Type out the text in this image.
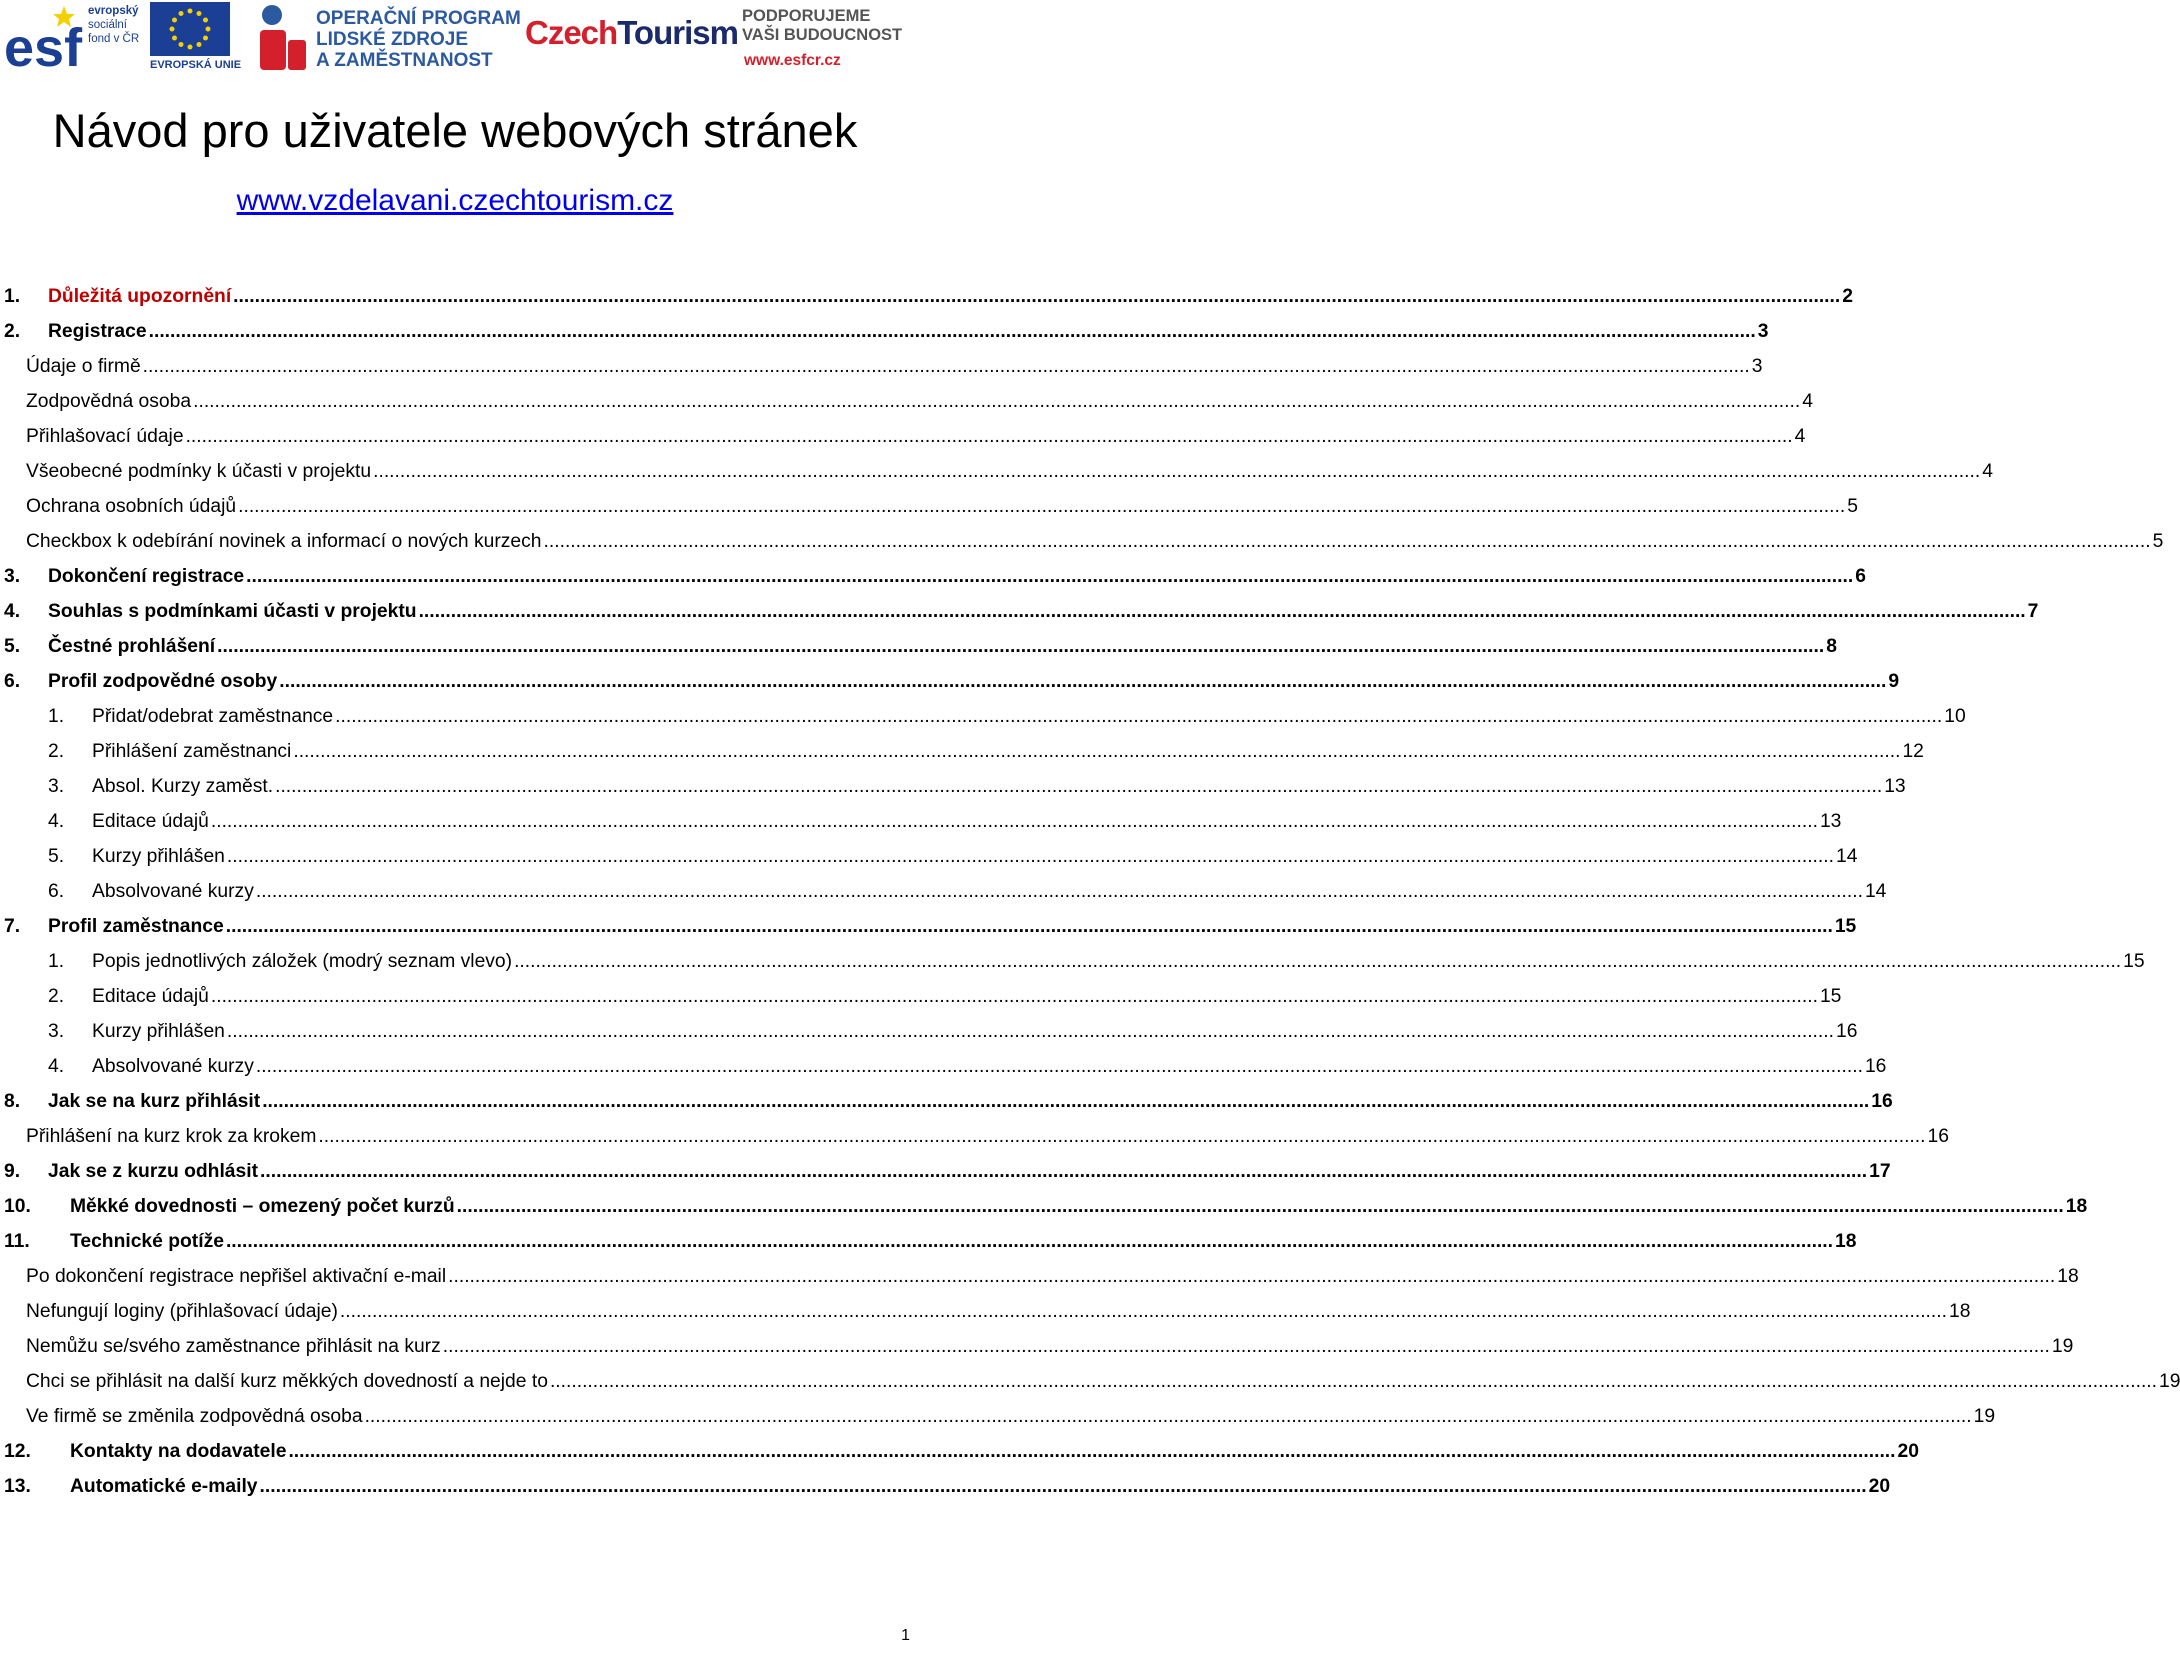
esf
evropský
sociální
fond v ČR
EVROPSKÁ UNIE
OPERAČNÍ PROGRAM
LIDSKÉ ZDROJE
A ZAMĚSTNANOST
CzechTourism PODPORUJEME
VAŠI BUDOUCNOST
www.esfcr.cz
Návod pro uživatele webových stránek
www.vzdelavani.czechtourism.cz
1.	Důležitá upozornění ............................................................................................................................................................................................................................................................................................................ 2
2.	Registrace ............................................................................................................................................................................................................................................................................................................ 3
Údaje o firmě ............................................................................................................................................................................................................................................................................................................ 3
Zodpovědná osoba ............................................................................................................................................................................................................................................................................................................ 4
Přihlašovací údaje ............................................................................................................................................................................................................................................................................................................ 4
Všeobecné podmínky k účasti v projektu ............................................................................................................................................................................................................................................................................................................ 4
Ochrana osobních údajů ............................................................................................................................................................................................................................................................................................................ 5
Checkbox k odebírání novinek a informací o nových kurzech ............................................................................................................................................................................................................................................................................................................ 5
3.	Dokončení registrace ............................................................................................................................................................................................................................................................................................................ 6
4.	Souhlas s podmínkami účasti v projektu ............................................................................................................................................................................................................................................................................................................ 7
5.	Čestné prohlášení ............................................................................................................................................................................................................................................................................................................ 8
6.	Profil zodpovědné osoby ............................................................................................................................................................................................................................................................................................................ 9
1.	Přidat/odebrat zaměstnance ............................................................................................................................................................................................................................................................................................................ 10
2.	Přihlášení zaměstnanci ............................................................................................................................................................................................................................................................................................................ 12
3.	Absol. Kurzy zaměst. ............................................................................................................................................................................................................................................................................................................ 13
4.	Editace údajů ............................................................................................................................................................................................................................................................................................................ 13
5.	Kurzy přihlášen ............................................................................................................................................................................................................................................................................................................ 14
6.	Absolvované kurzy ............................................................................................................................................................................................................................................................................................................ 14
7.	Profil zaměstnance ............................................................................................................................................................................................................................................................................................................ 15
1.	Popis jednotlivých záložek (modrý seznam vlevo) ............................................................................................................................................................................................................................................................................................................ 15
2.	Editace údajů ............................................................................................................................................................................................................................................................................................................ 15
3.	Kurzy přihlášen ............................................................................................................................................................................................................................................................................................................ 16
4.	Absolvované kurzy ............................................................................................................................................................................................................................................................................................................ 16
8.	Jak se na kurz přihlásit ............................................................................................................................................................................................................................................................................................................ 16
Přihlášení na kurz krok za krokem ............................................................................................................................................................................................................................................................................................................ 16
9.	Jak se z kurzu odhlásit ............................................................................................................................................................................................................................................................................................................ 17
10.	Měkké dovednosti – omezený počet kurzů ............................................................................................................................................................................................................................................................................................................ 18
11.	Technické potíže ............................................................................................................................................................................................................................................................................................................ 18
Po dokončení registrace nepřišel aktivační e-mail ............................................................................................................................................................................................................................................................................................................ 18
Nefungují loginy (přihlašovací údaje) ............................................................................................................................................................................................................................................................................................................ 18
Nemůžu se/svého zaměstnance přihlásit na kurz ............................................................................................................................................................................................................................................................................................................ 19
Chci se přihlásit na další kurz měkkých dovedností a nejde to ............................................................................................................................................................................................................................................................................................................ 19
Ve firmě se změnila zodpovědná osoba ............................................................................................................................................................................................................................................................................................................ 19
12.	Kontakty na dodavatele ............................................................................................................................................................................................................................................................................................................ 20
13.	Automatické e-maily ............................................................................................................................................................................................................................................................................................................ 20
1
